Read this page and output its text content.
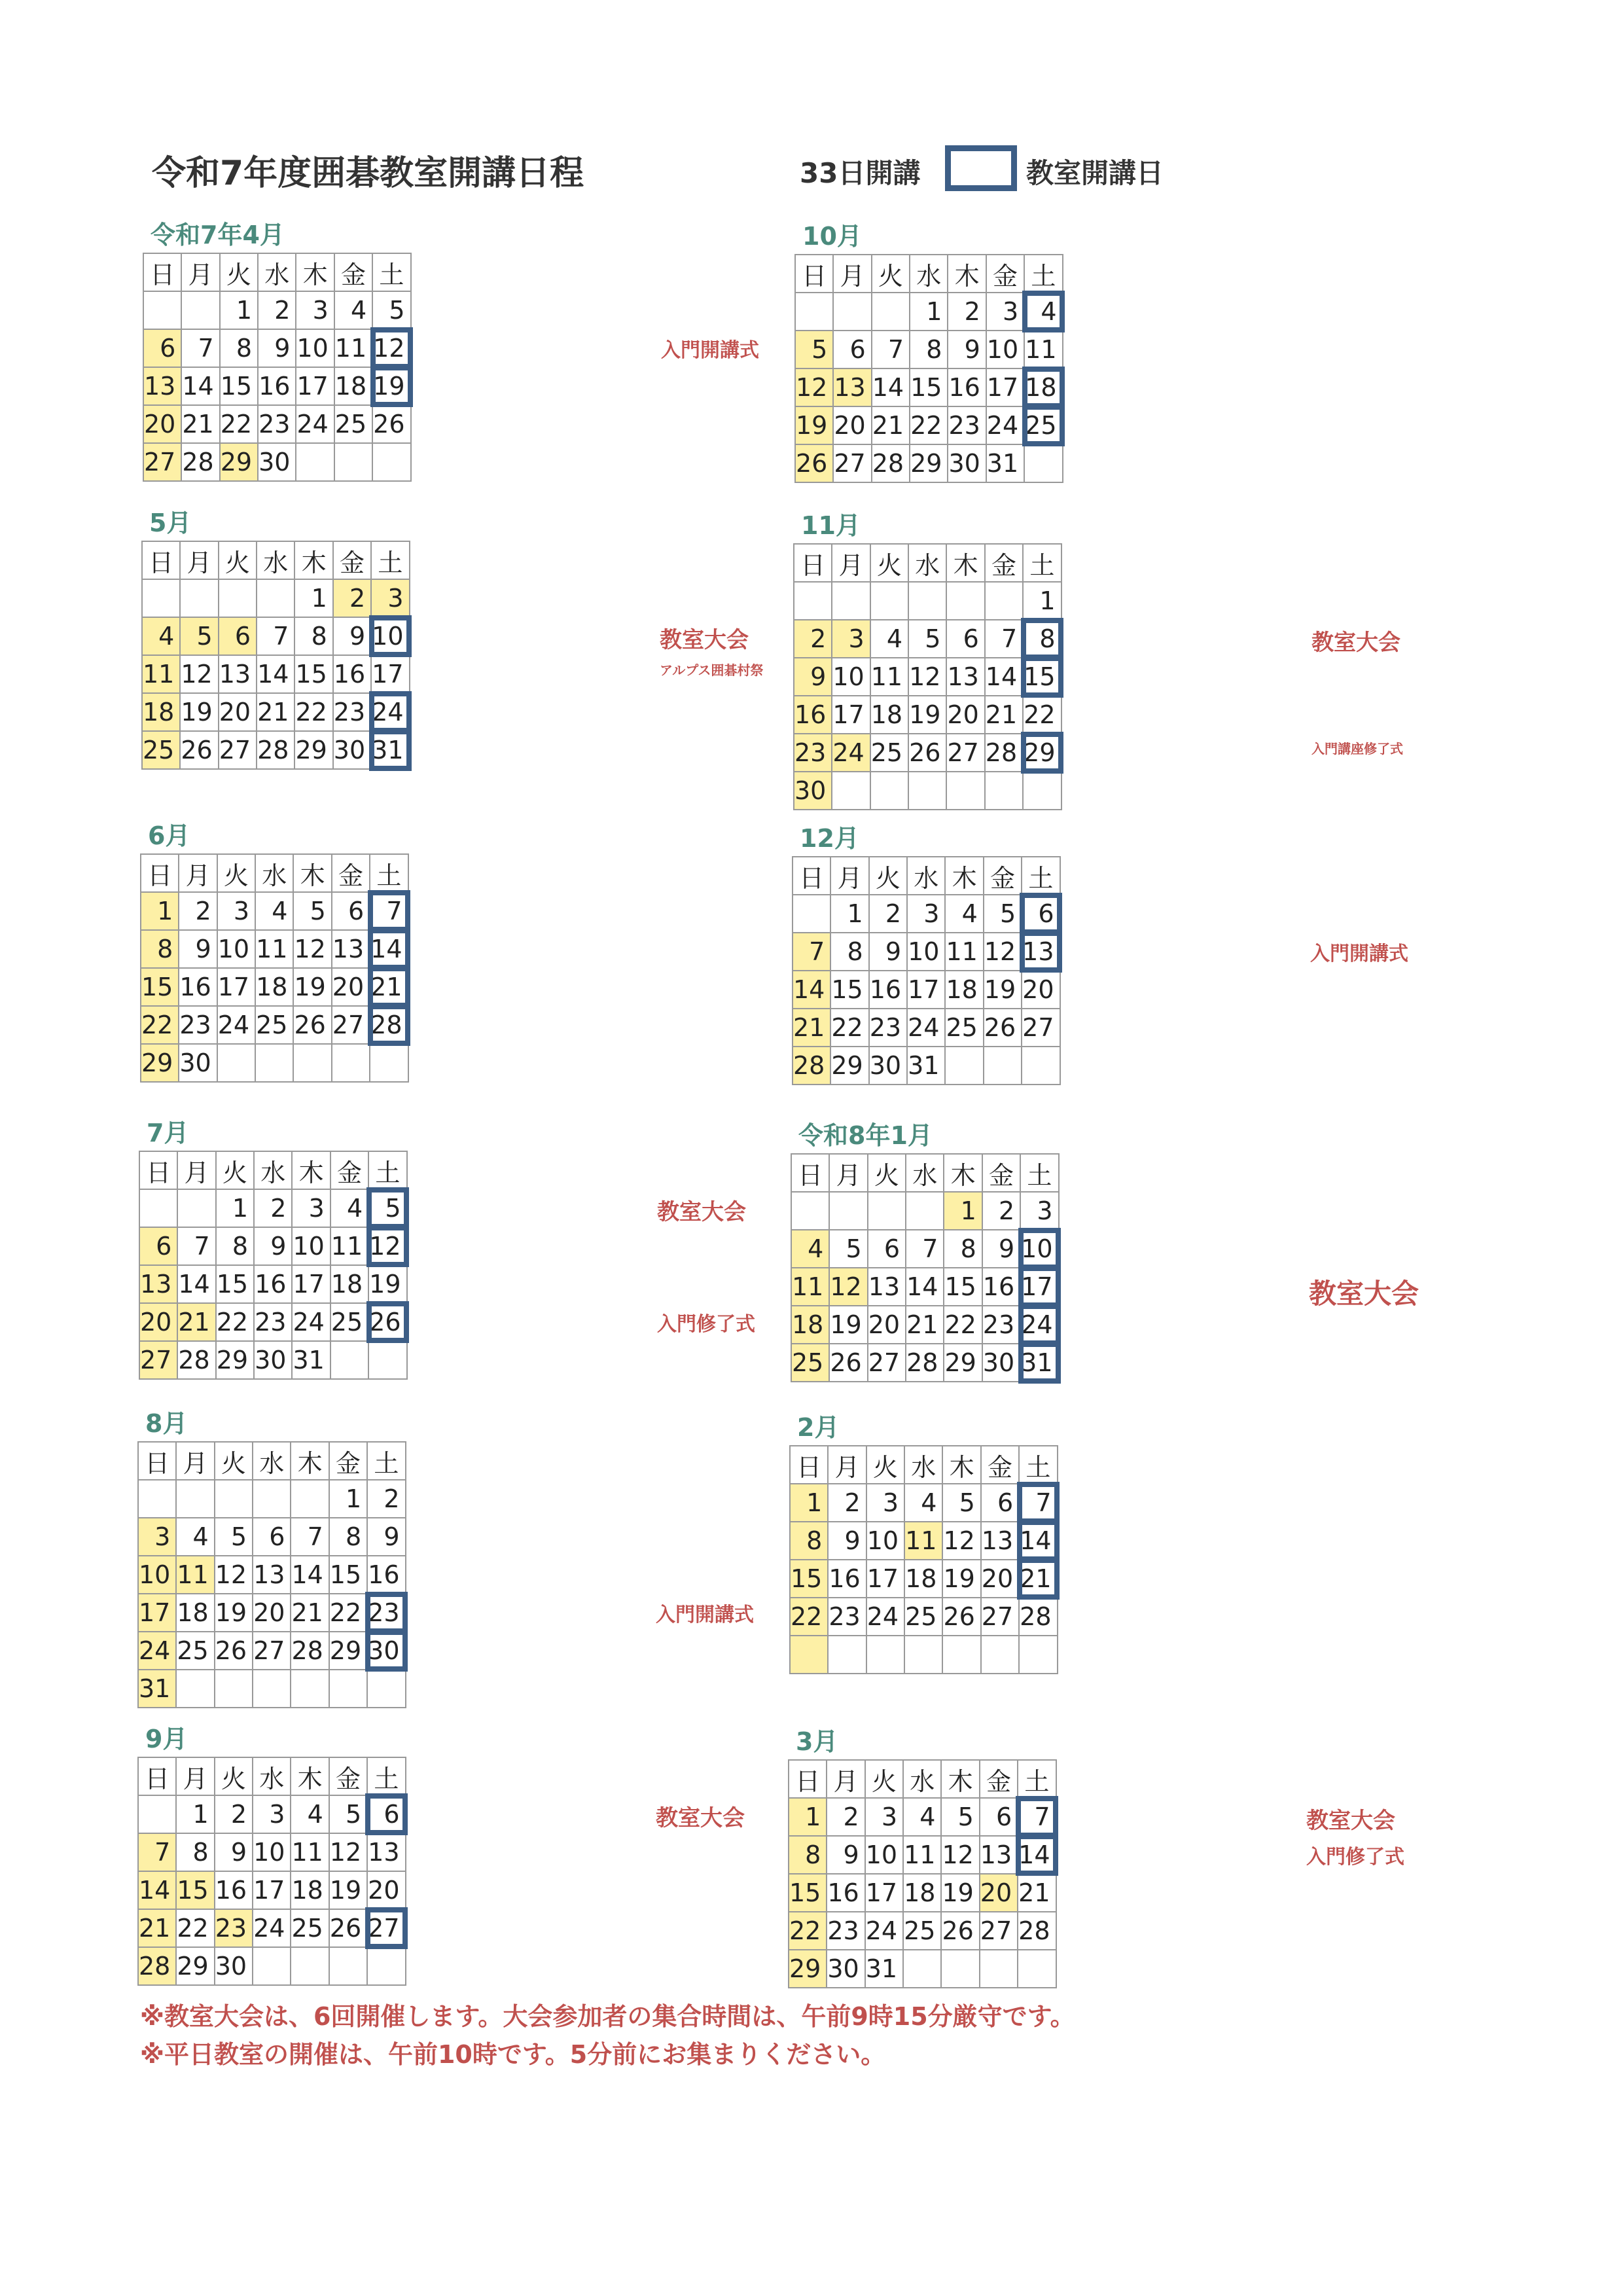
令和7年度囲碁教室開講日程	33日開講	教室開講日
令和7年4月
日	月	火	水	木	金	土
		1	2	3	4	5
6	7	8	9	10	11	12
13	14	15	16	17	18	19
20	21	22	23	24	25	26
27	28	29	30			
入門開講式
5月
日	月	火	水	木	金	土
				1	2	3
4	5	6	7	8	9	10
11	12	13	14	15	16	17
18	19	20	21	22	23	24
25	26	27	28	29	30	31
教室大会
アルプス囲碁村祭
6月
日	月	火	水	木	金	土
1	2	3	4	5	6	7
8	9	10	11	12	13	14
15	16	17	18	19	20	21
22	23	24	25	26	27	28
29	30					
7月
日	月	火	水	木	金	土
		1	2	3	4	5
6	7	8	9	10	11	12
13	14	15	16	17	18	19
20	21	22	23	24	25	26
27	28	29	30	31		
教室大会
入門修了式
8月
日	月	火	水	木	金	土
					1	2
3	4	5	6	7	8	9
10	11	12	13	14	15	16
17	18	19	20	21	22	23
24	25	26	27	28	29	30
31						
入門開講式
9月
日	月	火	水	木	金	土
	1	2	3	4	5	6
7	8	9	10	11	12	13
14	15	16	17	18	19	20
21	22	23	24	25	26	27
28	29	30				
教室大会
10月
日	月	火	水	木	金	土
			1	2	3	4
5	6	7	8	9	10	11
12	13	14	15	16	17	18
19	20	21	22	23	24	25
26	27	28	29	30	31	
11月
日	月	火	水	木	金	土
						1
2	3	4	5	6	7	8
9	10	11	12	13	14	15
16	17	18	19	20	21	22
23	24	25	26	27	28	29
30						
教室大会
入門講座修了式
12月
日	月	火	水	木	金	土
	1	2	3	4	5	6
7	8	9	10	11	12	13
14	15	16	17	18	19	20
21	22	23	24	25	26	27
28	29	30	31			
入門開講式
令和8年1月
日	月	火	水	木	金	土
				1	2	3
4	5	6	7	8	9	10
11	12	13	14	15	16	17
18	19	20	21	22	23	24
25	26	27	28	29	30	31
教室大会
2月
日	月	火	水	木	金	土
1	2	3	4	5	6	7
8	9	10	11	12	13	14
15	16	17	18	19	20	21
22	23	24	25	26	27	28

3月
日	月	火	水	木	金	土
1	2	3	4	5	6	7
8	9	10	11	12	13	14
15	16	17	18	19	20	21
22	23	24	25	26	27	28
29	30	31				
教室大会
入門修了式
※教室大会は、6回開催します。大会参加者の集合時間は、午前9時15分厳守です。
※平日教室の開催は、午前10時です。5分前にお集まりください。
